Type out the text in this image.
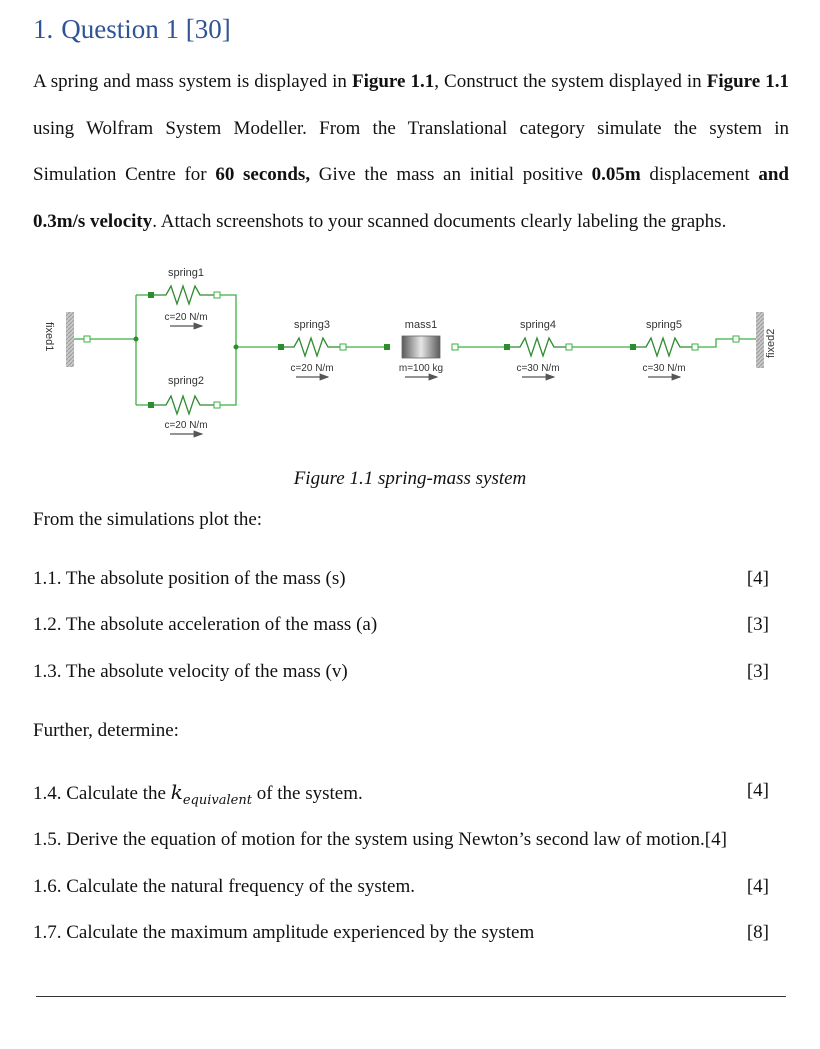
1. Question 1 [30]
A spring and mass system is displayed in Figure 1.1, Construct the system displayed in Figure 1.1 using Wolfram System Modeller. From the Translational category simulate the system in Simulation Centre for 60 seconds, Give the mass an initial positive 0.05m displacement and 0.3m/s velocity. Attach screenshots to your scanned documents clearly labeling the graphs.
fixed1
spring1
c=20 N/m
spring2
c=20 N/m
spring3
c=20 N/m
mass1
m=100 kg
spring4
c=30 N/m
spring5
c=30 N/m
fixed2
Figure 1.1 spring-mass system
From the simulations plot the:
1.1. The absolute position of the mass (s)	[4]
1.2. The absolute acceleration of the mass (a)	[3]
1.3. The absolute velocity of the mass (v)	[3]
Further, determine:
1.4. Calculate the $k_{equivalent}$ of the system.	[4]
1.5. Derive the equation of motion for the system using Newton’s second law of motion. [4]
1.6. Calculate the natural frequency of the system.	[4]
1.7. Calculate the maximum amplitude experienced by the system	[8]
